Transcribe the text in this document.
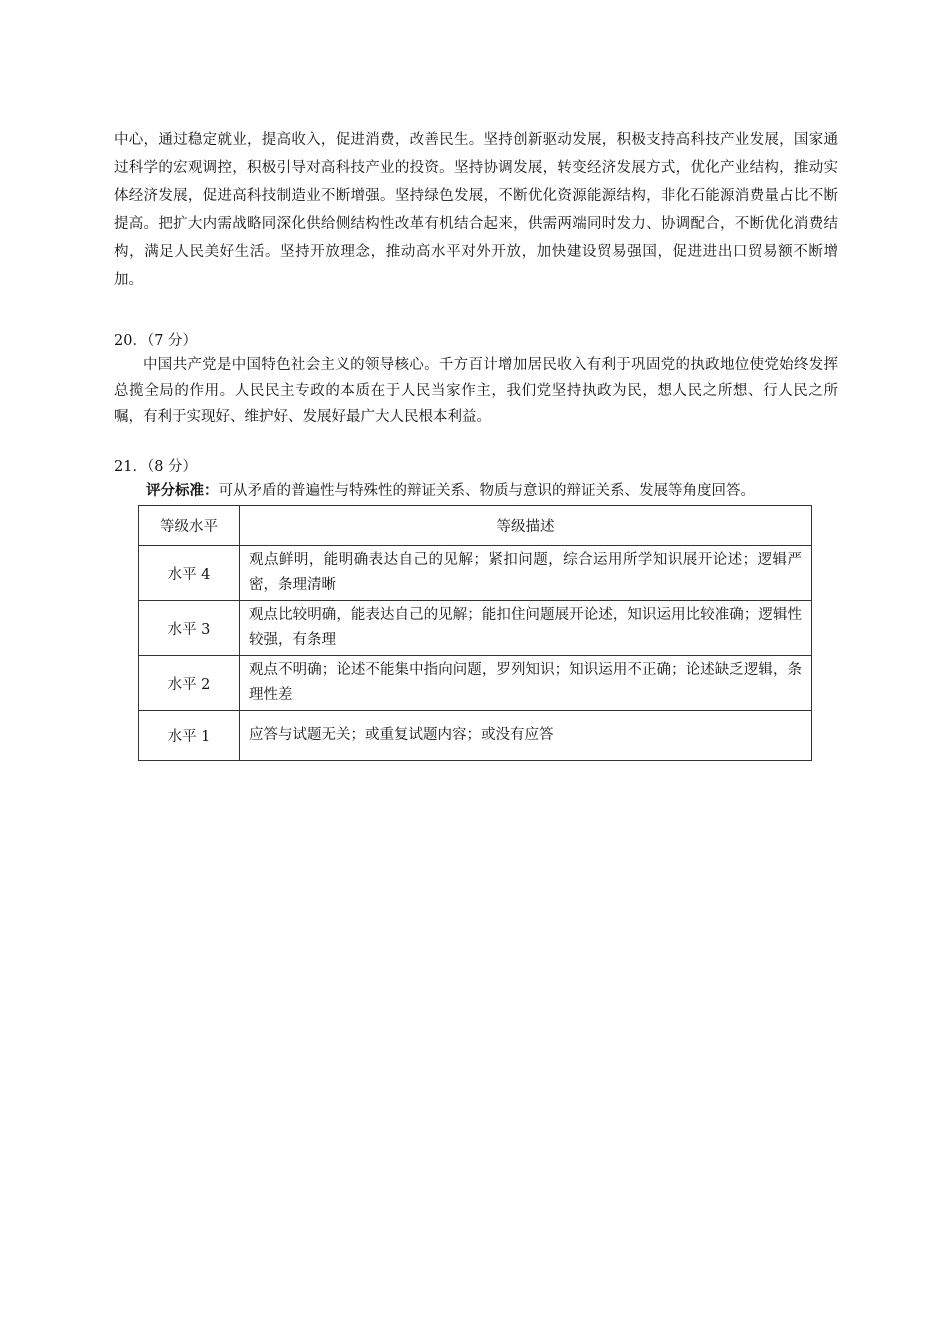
中心，通过稳定就业，提高收入，促进消费，改善民生。坚持创新驱动发展，积极支持高科技产业发展，国家通过科学的宏观调控，积极引导对高科技产业的投资。坚持协调发展，转变经济发展方式，优化产业结构，推动实体经济发展，促进高科技制造业不断增强。坚持绿色发展，不断优化资源能源结构，非化石能源消费量占比不断提高。把扩大内需战略同深化供给侧结构性改革有机结合起来，供需两端同时发力、协调配合，不断优化消费结构，满足人民美好生活。坚持开放理念，推动高水平对外开放，加快建设贸易强国，促进进出口贸易额不断增加。

20．（7 分）

中国共产党是中国特色社会主义的领导核心。千方百计增加居民收入有利于巩固党的执政地位使党始终发挥总揽全局的作用。人民民主专政的本质在于人民当家作主，我们党坚持执政为民，想人民之所想、行人民之所嘱，有利于实现好、维护好、发展好最广大人民根本利益。

21．（8 分）

评分标准：可从矛盾的普遍性与特殊性的辩证关系、物质与意识的辩证关系、发展等角度回答。

等级水平	等级描述
水平 4	观点鲜明，能明确表达自己的见解；紧扣问题，综合运用所学知识展开论述；逻辑严密，条理清晰
水平 3	观点比较明确，能表达自己的见解；能扣住问题展开论述，知识运用比较准确；逻辑性较强，有条理
水平 2	观点不明确；论述不能集中指向问题，罗列知识；知识运用不正确；论述缺乏逻辑，条理性差
水平 1	应答与试题无关；或重复试题内容；或没有应答
